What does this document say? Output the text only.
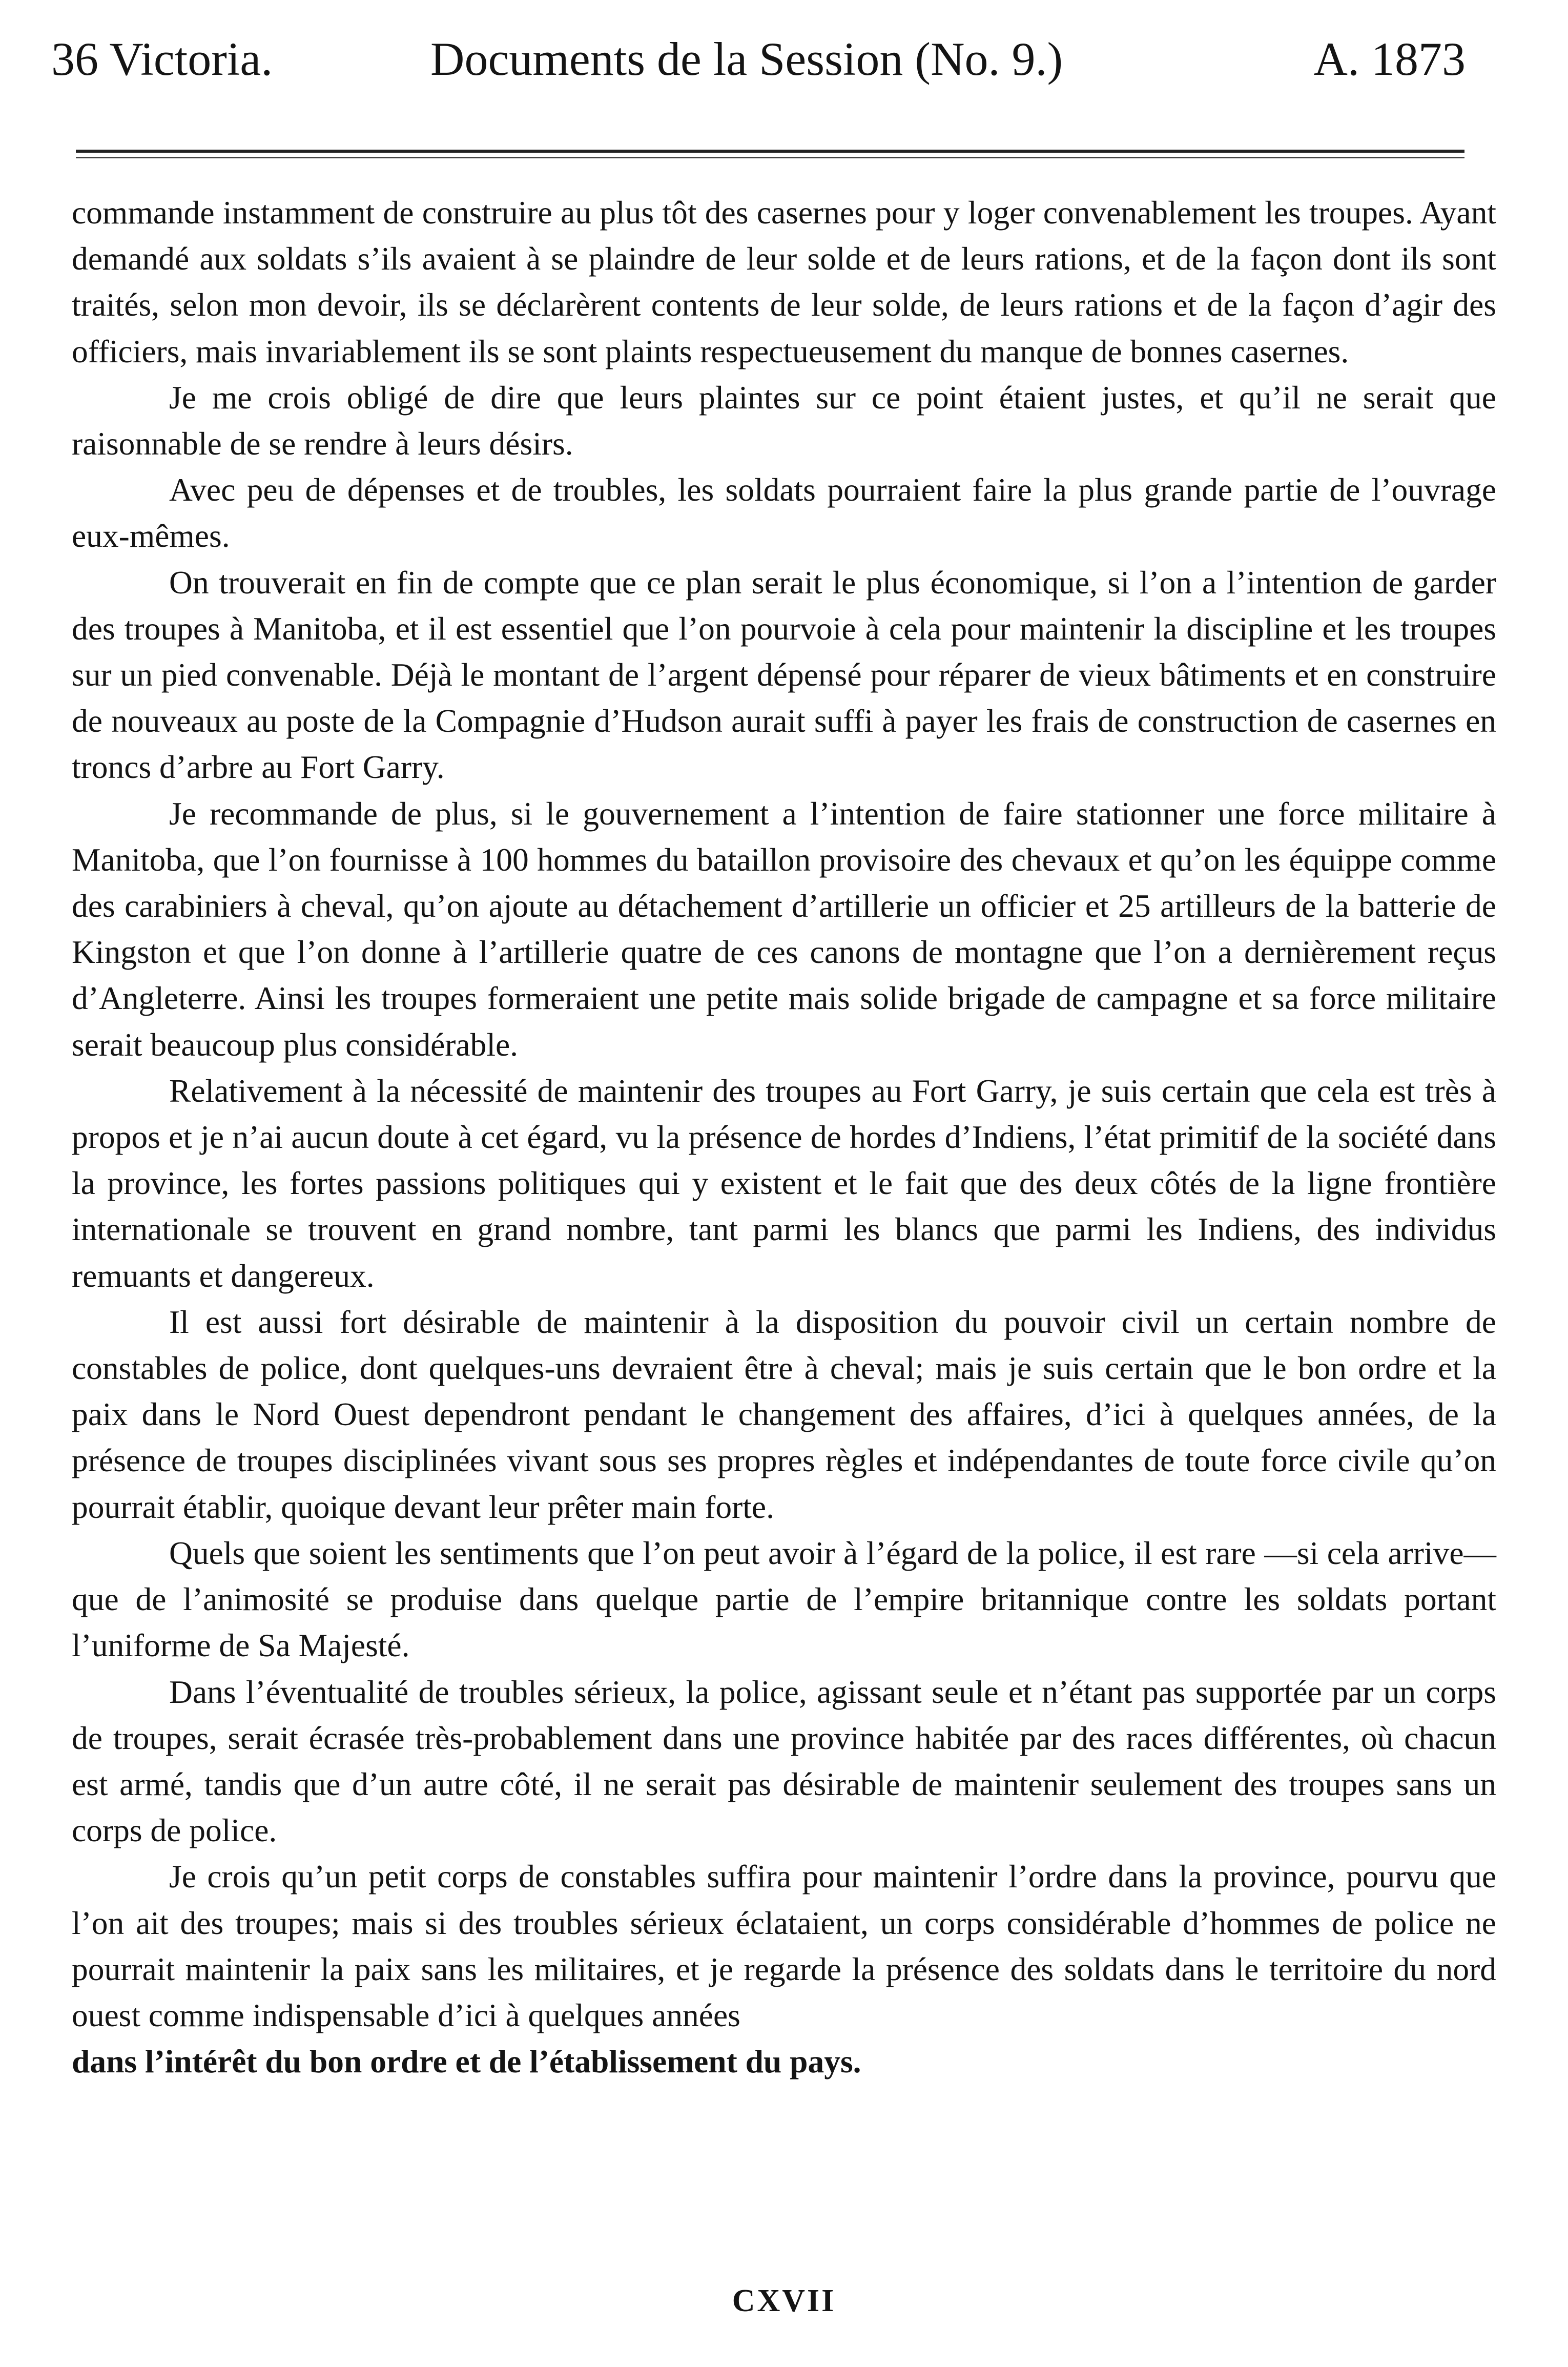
36 Victoria.	Documents de la Session (No. 9.)	A. 1873

commande instamment de construire au plus tôt des casernes pour y loger convenablement les troupes. Ayant demandé aux soldats s’ils avaient à se plaindre de leur solde et de leurs rations, et de la façon dont ils sont traités, selon mon devoir, ils se déclarèrent contents de leur solde, de leurs rations et de la façon d’agir des officiers, mais invariablement ils se sont plaints respectueusement du manque de bonnes casernes.

Je me crois obligé de dire que leurs plaintes sur ce point étaient justes, et qu’il ne serait que raisonnable de se rendre à leurs désirs.

Avec peu de dépenses et de troubles, les soldats pourraient faire la plus grande partie de l’ouvrage eux-mêmes.

On trouverait en fin de compte que ce plan serait le plus économique, si l’on a l’intention de garder des troupes à Manitoba, et il est essentiel que l’on pourvoie à cela pour maintenir la discipline et les troupes sur un pied convenable. Déjà le montant de l’argent dépensé pour réparer de vieux bâtiments et en construire de nouveaux au poste de la Compagnie d’Hudson aurait suffi à payer les frais de construction de casernes en troncs d’arbre au Fort Garry.

Je recommande de plus, si le gouvernement a l’intention de faire stationner une force militaire à Manitoba, que l’on fournisse à 100 hommes du bataillon provisoire des chevaux et qu’on les équippe comme des carabiniers à cheval, qu’on ajoute au détachement d’artillerie un officier et 25 artilleurs de la batterie de Kingston et que l’on donne à l’artillerie quatre de ces canons de montagne que l’on a dernièrement reçus d’Angleterre. Ainsi les troupes formeraient une petite mais solide brigade de campagne et sa force militaire serait beaucoup plus considérable.

Relativement à la nécessité de maintenir des troupes au Fort Garry, je suis certain que cela est très à propos et je n’ai aucun doute à cet égard, vu la présence de hordes d’Indiens, l’état primitif de la société dans la province, les fortes passions politiques qui y existent et le fait que des deux côtés de la ligne frontière internationale se trouvent en grand nombre, tant parmi les blancs que parmi les Indiens, des individus remuants et dangereux.

Il est aussi fort désirable de maintenir à la disposition du pouvoir civil un certain nombre de constables de police, dont quelques-uns devraient être à cheval; mais je suis certain que le bon ordre et la paix dans le Nord Ouest dependront pendant le changement des affaires, d’ici à quelques années, de la présence de troupes disciplinées vivant sous ses propres règles et indépendantes de toute force civile qu’on pourrait établir, quoique devant leur prêter main forte.

Quels que soient les sentiments que l’on peut avoir à l’égard de la police, il est rare —si cela arrive—que de l’animosité se produise dans quelque partie de l’empire britannique contre les soldats portant l’uniforme de Sa Majesté.

Dans l’éventualité de troubles sérieux, la police, agissant seule et n’étant pas supportée par un corps de troupes, serait écrasée très-probablement dans une province habitée par des races différentes, où chacun est armé, tandis que d’un autre côté, il ne serait pas désirable de maintenir seulement des troupes sans un corps de police.

Je crois qu’un petit corps de constables suffira pour maintenir l’ordre dans la province, pourvu que l’on ait des troupes; mais si des troubles sérieux éclataient, un corps considérable d’hommes de police ne pourrait maintenir la paix sans les militaires, et je regarde la présence des soldats dans le territoire du nord ouest comme indispensable d’ici à quelques années

dans l’intérêt du bon ordre et de l’établissement du pays.

CXVII
